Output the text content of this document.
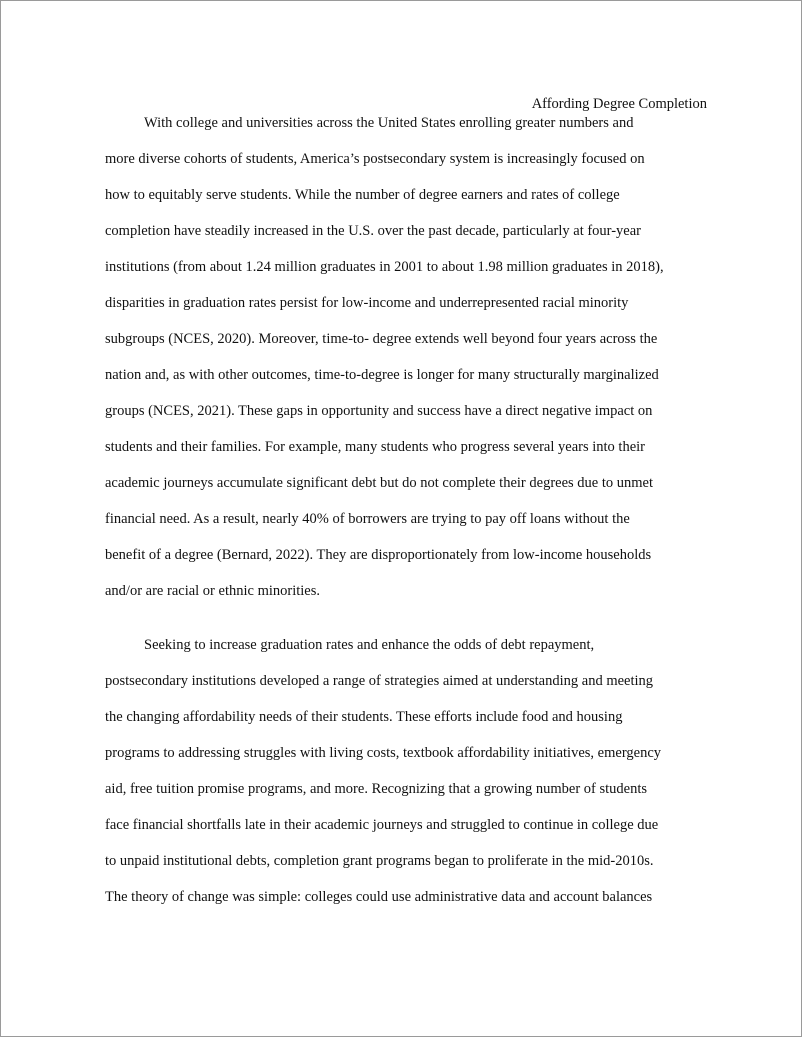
Affording Degree Completion
With college and universities across the United States enrolling greater numbers and
more diverse cohorts of students, America’s postsecondary system is increasingly focused on
how to equitably serve students. While the number of degree earners and rates of college
completion have steadily increased in the U.S. over the past decade, particularly at four-year
institutions (from about 1.24 million graduates in 2001 to about 1.98 million graduates in 2018),
disparities in graduation rates persist for low-income and underrepresented racial minority
subgroups (NCES, 2020). Moreover, time-to- degree extends well beyond four years across the
nation and, as with other outcomes, time-to-degree is longer for many structurally marginalized
groups (NCES, 2021). These gaps in opportunity and success have a direct negative impact on
students and their families. For example, many students who progress several years into their
academic journeys accumulate significant debt but do not complete their degrees due to unmet
financial need. As a result, nearly 40% of borrowers are trying to pay off loans without the
benefit of a degree (Bernard, 2022). They are disproportionately from low-income households
and/or are racial or ethnic minorities.
Seeking to increase graduation rates and enhance the odds of debt repayment,
postsecondary institutions developed a range of strategies aimed at understanding and meeting
the changing affordability needs of their students. These efforts include food and housing
programs to addressing struggles with living costs, textbook affordability initiatives, emergency
aid, free tuition promise programs, and more. Recognizing that a growing number of students
face financial shortfalls late in their academic journeys and struggled to continue in college due
to unpaid institutional debts, completion grant programs began to proliferate in the mid-2010s.
The theory of change was simple: colleges could use administrative data and account balances
